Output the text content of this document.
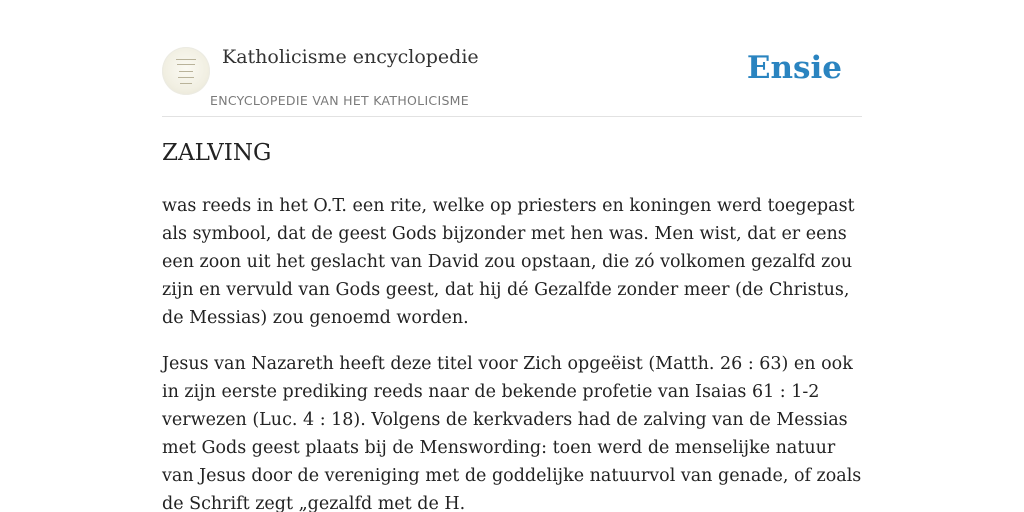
Katholicisme encyclopedie
ENCYCLOPEDIE VAN HET KATHOLICISME
Ensie
ZALVING

was reeds in het O.T. een rite, welke op priesters en koningen werd toegepast als symbool, dat de geest Gods bijzonder met hen was. Men wist, dat er eens een zoon uit het geslacht van David zou opstaan, die zó volkomen gezalfd zou zijn en vervuld van Gods geest, dat hij dé Gezalfde zonder meer (de Christus, de Messias) zou genoemd worden.

Jesus van Nazareth heeft deze titel voor Zich opgeëist (Matth. 26 : 63) en ook in zijn eerste prediking reeds naar de bekende profetie van Isaias 61 : 1-2 verwezen (Luc. 4 : 18). Volgens de kerkvaders had de zalving van de Messias met Gods geest plaats bij de Menswording: toen werd de menselijke natuur van Jesus door de vereniging met de goddelijke natuurvol van genade, of zoals de Schrift zegt „gezalfd met de H.
